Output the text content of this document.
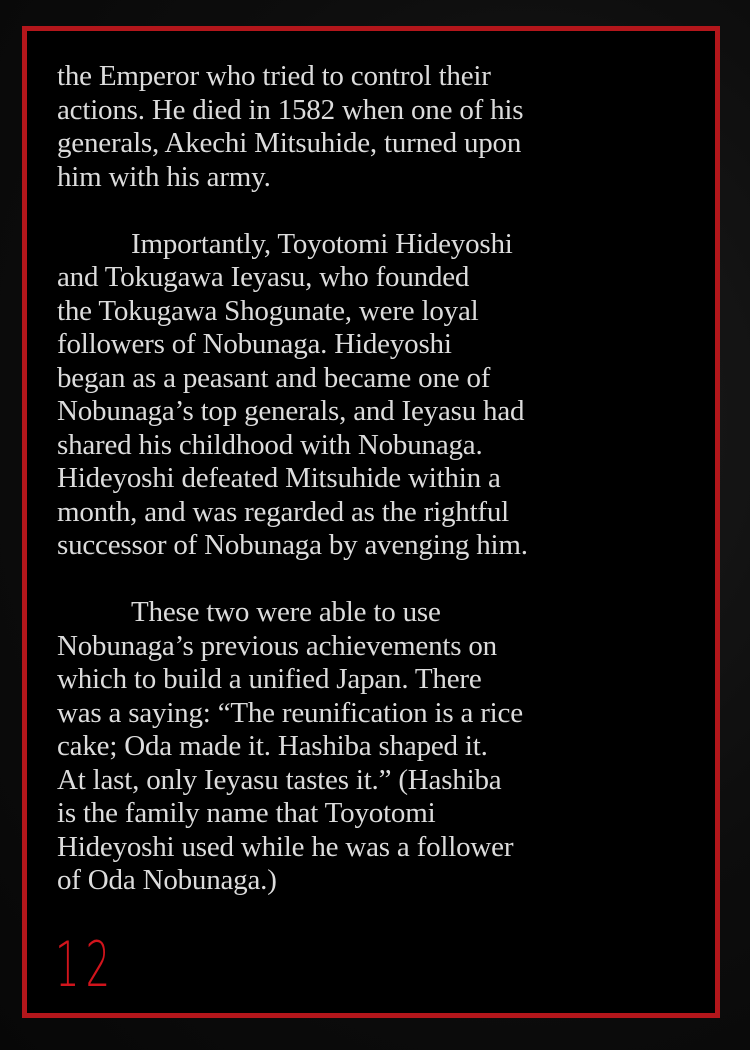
the Emperor who tried to control their
actions. He died in 1582 when one of his
generals, Akechi Mitsuhide, turned upon
him with his army.

Importantly, Toyotomi Hideyoshi
and Tokugawa Ieyasu, who founded
the Tokugawa Shogunate, were loyal
followers of Nobunaga. Hideyoshi
began as a peasant and became one of
Nobunaga’s top generals, and Ieyasu had
shared his childhood with Nobunaga.
Hideyoshi defeated Mitsuhide within a
month, and was regarded as the rightful
successor of Nobunaga by avenging him.

These two were able to use
Nobunaga’s previous achievements on
which to build a unified Japan. There
was a saying: “The reunification is a rice
cake; Oda made it. Hashiba shaped it.
At last, only Ieyasu tastes it.” (Hashiba
is the family name that Toyotomi
Hideyoshi used while he was a follower
of Oda Nobunaga.)

12
